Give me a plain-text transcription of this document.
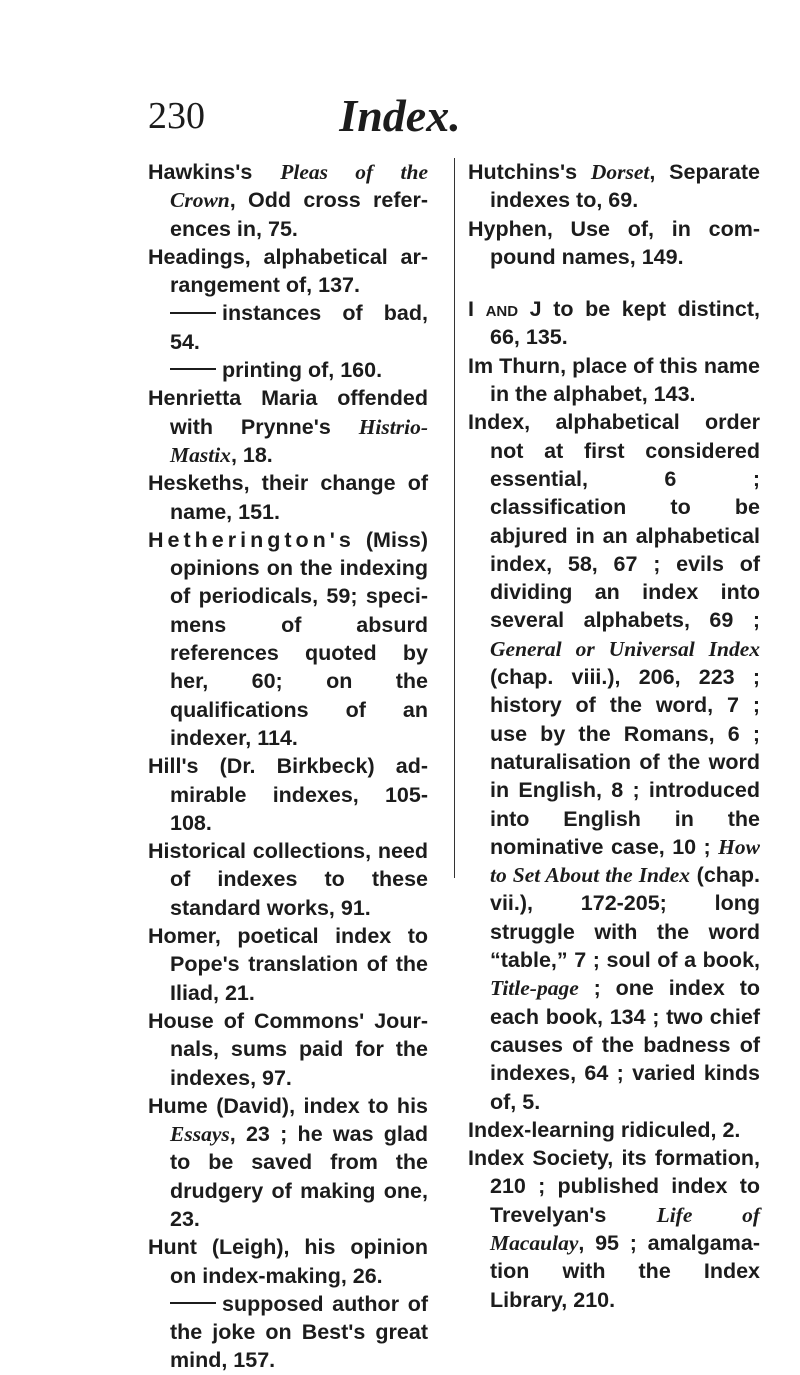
230	Index.

Hawkins's Pleas of the Crown, Odd cross references in, 75.

Headings, alphabetical arrangement of, 137.

instances of bad, 54.

printing of, 160.

Henrietta Maria offended with Prynne's Histrio-Mastix, 18.

Heskeths, their change of name, 151.

Hetherington's (Miss) opinions on the indexing of periodicals, 59; specimens of absurd references quoted by her, 60; on the qualifications of an indexer, 114.

Hill's (Dr. Birkbeck) admirable indexes, 105-108.

Historical collections, need of indexes to these standard works, 91.

Homer, poetical index to Pope's translation of the Iliad, 21.

House of Commons' Journals, sums paid for the indexes, 97.

Hume (David), index to his Essays, 23 ; he was glad to be saved from the drudgery of making one, 23.

Hunt (Leigh), his opinion on index-making, 26.

supposed author of the joke on Best's great mind, 157.

Hutchins's Dorset, Separate indexes to, 69.

Hyphen, Use of, in compound names, 149.

I and J to be kept distinct, 66, 135.

Im Thurn, place of this name in the alphabet, 143.

Index, alphabetical order not at first considered essential, 6 ; classification to be abjured in an alphabetical index, 58, 67 ; evils of dividing an index into several alphabets, 69 ; General or Universal Index (chap. viii.), 206, 223 ; history of the word, 7 ; use by the Romans, 6 ; naturalisation of the word in English, 8 ; introduced into English in the nominative case, 10 ; How to Set About the Index (chap. vii.), 172-205; long struggle with the word “table,” 7 ; soul of a book, Title-page ; one index to each book, 134 ; two chief causes of the badness of indexes, 64 ; varied kinds of, 5.

Index-learning ridiculed, 2.

Index Society, its formation, 210 ; published index to Trevelyan's Life of Macaulay, 95 ; amalgamation with the Index Library, 210.
